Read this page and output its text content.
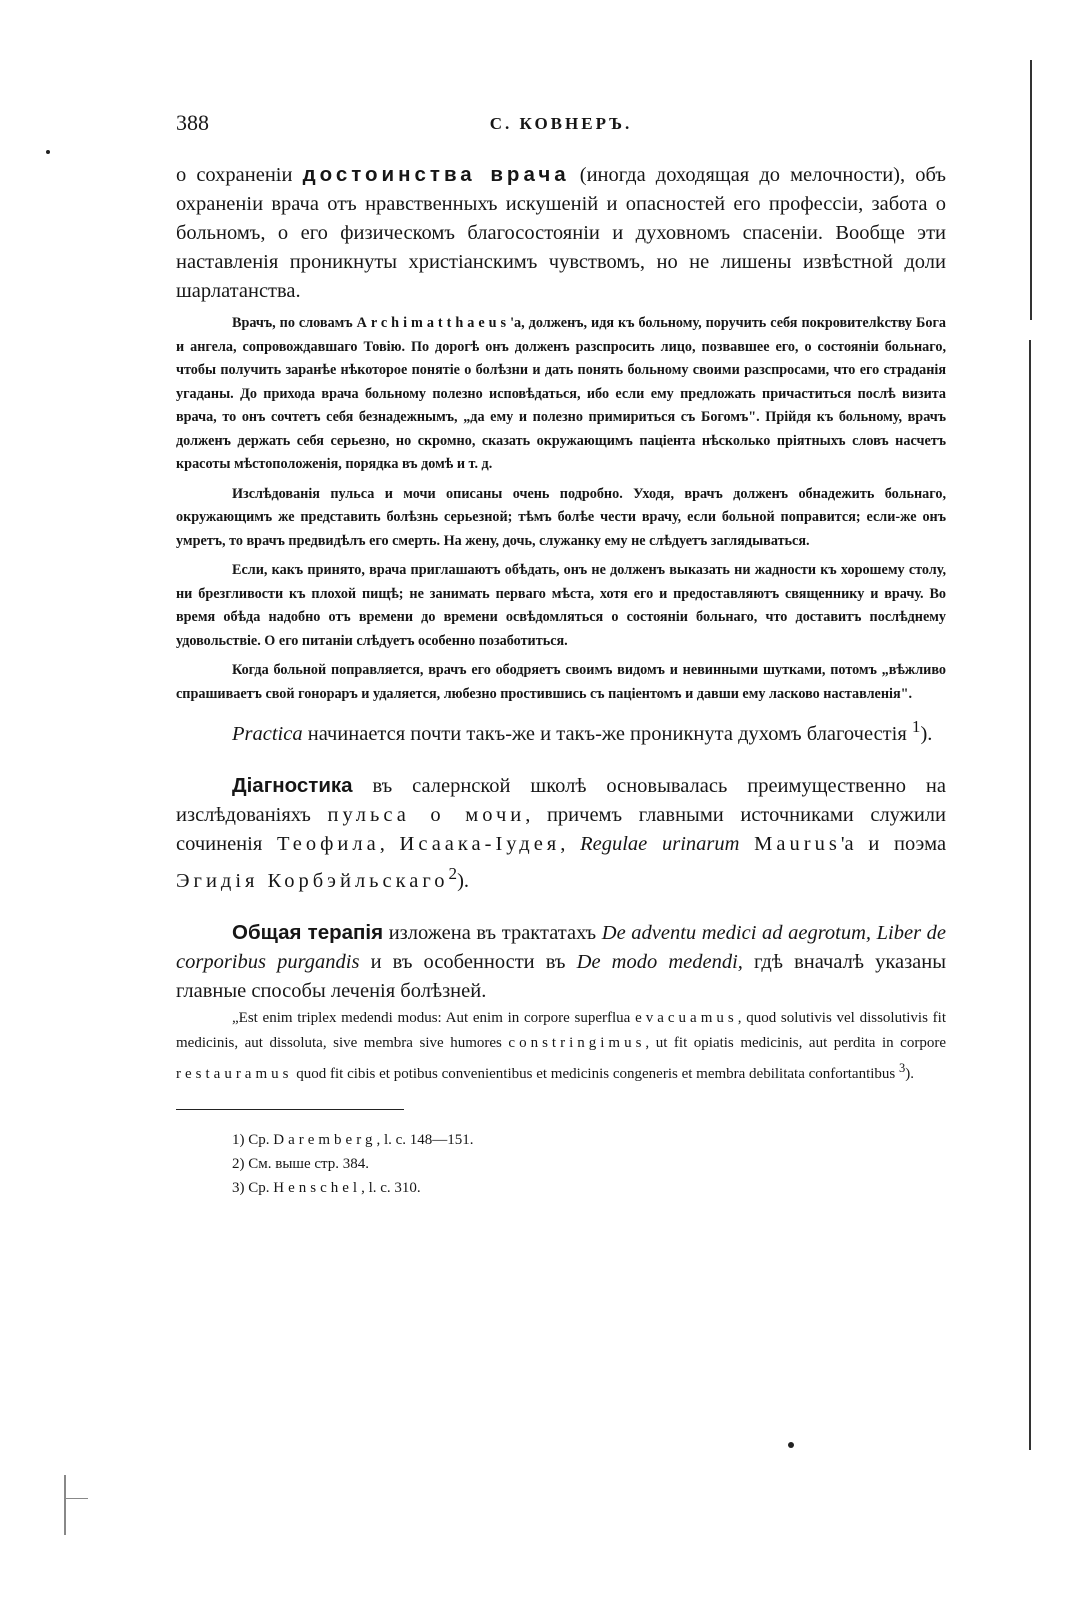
388	С. КОВНЕРЪ.

о сохраненіи достоинства врача (иногда доходящая до мелочности), объ охраненіи врача отъ нравственныхъ искушеній и опасностей его профессіи, забота о больномъ, о его физическомъ благосостояніи и духовномъ спасеніи. Вообще эти наставленія проникнуты христіанскимъ чувствомъ, но не лишены извѣстной доли шарлатанства.

Врачъ, по словамъ Archimatthaeus'а, долженъ, идя къ больному, поручить себя покровителkству Бога и ангела, сопровождавшаго Товію. По дорогѣ онъ долженъ разспросить лицо, позвавшее его, о состояніи больнаго, чтобы получить заранѣе нѣкоторое понятіе о болѣзни и дать понять больному своими разспросами, что его страданія угаданы. До прихода врача больному полезно исповѣдаться, ибо если ему предложать причаститься послѣ визита врача, то онъ сочтетъ себя безнадежнымъ, „да ему и полезно примириться съ Богомъ". Прійдя къ больному, врачъ долженъ держать себя серьезно, но скромно, сказать окружающимъ паціента нѣсколько пріятныхъ словъ насчетъ красоты мѣстоположенія, порядка въ домѣ и т. д.

Изслѣдованія пульса и мочи описаны очень подробно. Уходя, врачъ долженъ обнадежить больнаго, окружающимъ же представить болѣзнь серьезной; тѣмъ болѣе чести врачу, если больной поправится; если-же онъ умретъ, то врачъ предвидѣлъ его смерть. На жену, дочь, служанку ему не слѣдуетъ заглядываться.

Если, какъ принято, врача приглашаютъ обѣдать, онъ не долженъ выказать ни жадности къ хорошему столу, ни брезгливости къ плохой пищѣ; не занимать перваго мѣста, хотя его и предоставляютъ священнику и врачу. Во время обѣда надобно отъ времени до времени освѣдомляться о состояніи больнаго, что доставитъ послѣднему удовольствіе. О его питаніи слѣдуетъ особенно позаботиться.

Когда больной поправляется, врачъ его ободряетъ своимъ видомъ и невинными шутками, потомъ „вѣжливо спрашиваетъ свой гонораръ и удаляется, любезно простившись съ паціентомъ и давши ему ласково наставленія".

Practica начинается почти такъ-же и такъ-же проникнута духомъ благочестія $^1$).

Діагностика въ салернской школѣ основывалась преимущественно на изслѣдованіяхъ пульса о мочи, причемъ главными источниками служили сочиненія Теофила, Исаака-Іудея, Regulae urinarum Maurus'а и поэма Эгидія Корбэйльскаго$^2$).

Общая терапія изложена въ трактатахъ De adventu medici ad aegrotum, Liber de corporibus purgandis и въ особенности въ De modo medendi, гдѣ вначалѣ указаны главные способы леченія болѣзней.

„Est enim triplex medendi modus: Aut enim in corpore superflua evacuamus, quod solutivis vel dissolutivis fit medicinis, aut dissoluta, sive membra sive humores constringimus, ut fit opiatis medicinis, aut perdita in corpore restauramus quod fit cibis et potibus convenientibus et medicinis congeneris et membra debilitata confortantibus $^3$).

1) Ср. Daremberg, l. c. 148—151.
2) См. выше стр. 384.
3) Ср. Henschel, l. c. 310.
